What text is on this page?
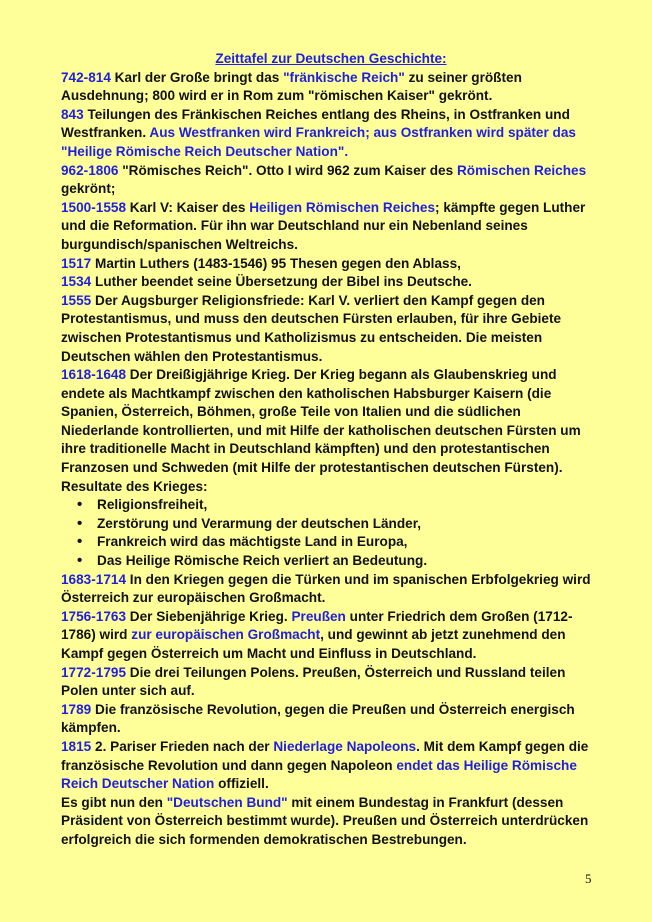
Zeittafel zur Deutschen Geschichte:

742-814 Karl der Große bringt das "fränkische Reich" zu seiner größten Ausdehnung; 800 wird er in Rom zum "römischen Kaiser" gekrönt.

843 Teilungen des Fränkischen Reiches entlang des Rheins, in Ostfranken und Westfranken. Aus Westfranken wird Frankreich; aus Ostfranken wird später das "Heilige Römische Reich Deutscher Nation".

962-1806 "Römisches Reich". Otto I wird 962 zum Kaiser des Römischen Reiches gekrönt;

1500-1558 Karl V: Kaiser des Heiligen Römischen Reiches; kämpfte gegen Luther und die Reformation. Für ihn war Deutschland nur ein Nebenland seines burgundisch/spanischen Weltreichs.

1517 Martin Luthers (1483-1546) 95 Thesen gegen den Ablass,

1534 Luther beendet seine Übersetzung der Bibel ins Deutsche.

1555 Der Augsburger Religionsfriede: Karl V. verliert den Kampf gegen den Protestantismus, und muss den deutschen Fürsten erlauben, für ihre Gebiete zwischen Protestantismus und Katholizismus zu entscheiden. Die meisten Deutschen wählen den Protestantismus.

1618-1648 Der Dreißigjährige Krieg. Der Krieg begann als Glaubenskrieg und endete als Machtkampf zwischen den katholischen Habsburger Kaisern (die Spanien, Österreich, Böhmen, große Teile von Italien und die südlichen Niederlande kontrollierten, und mit Hilfe der katholischen deutschen Fürsten um ihre traditionelle Macht in Deutschland kämpften) und den protestantischen Franzosen und Schweden (mit Hilfe der protestantischen deutschen Fürsten).

Resultate des Krieges:

• Religionsfreiheit,
• Zerstörung und Verarmung der deutschen Länder,
• Frankreich wird das mächtigste Land in Europa,
• Das Heilige Römische Reich verliert an Bedeutung.

1683-1714 In den Kriegen gegen die Türken und im spanischen Erbfolgekrieg wird Österreich zur europäischen Großmacht.

1756-1763 Der Siebenjährige Krieg. Preußen unter Friedrich dem Großen (1712-1786) wird zur europäischen Großmacht, und gewinnt ab jetzt zunehmend den Kampf gegen Österreich um Macht und Einfluss in Deutschland.

1772-1795 Die drei Teilungen Polens. Preußen, Österreich und Russland teilen Polen unter sich auf.

1789 Die französische Revolution, gegen die Preußen und Österreich energisch kämpfen.

1815 2. Pariser Frieden nach der Niederlage Napoleons. Mit dem Kampf gegen die französische Revolution und dann gegen Napoleon endet das Heilige Römische Reich Deutscher Nation offiziell.

Es gibt nun den "Deutschen Bund" mit einem Bundestag in Frankfurt (dessen Präsident von Österreich bestimmt wurde). Preußen und Österreich unterdrücken erfolgreich die sich formenden demokratischen Bestrebungen.

5
